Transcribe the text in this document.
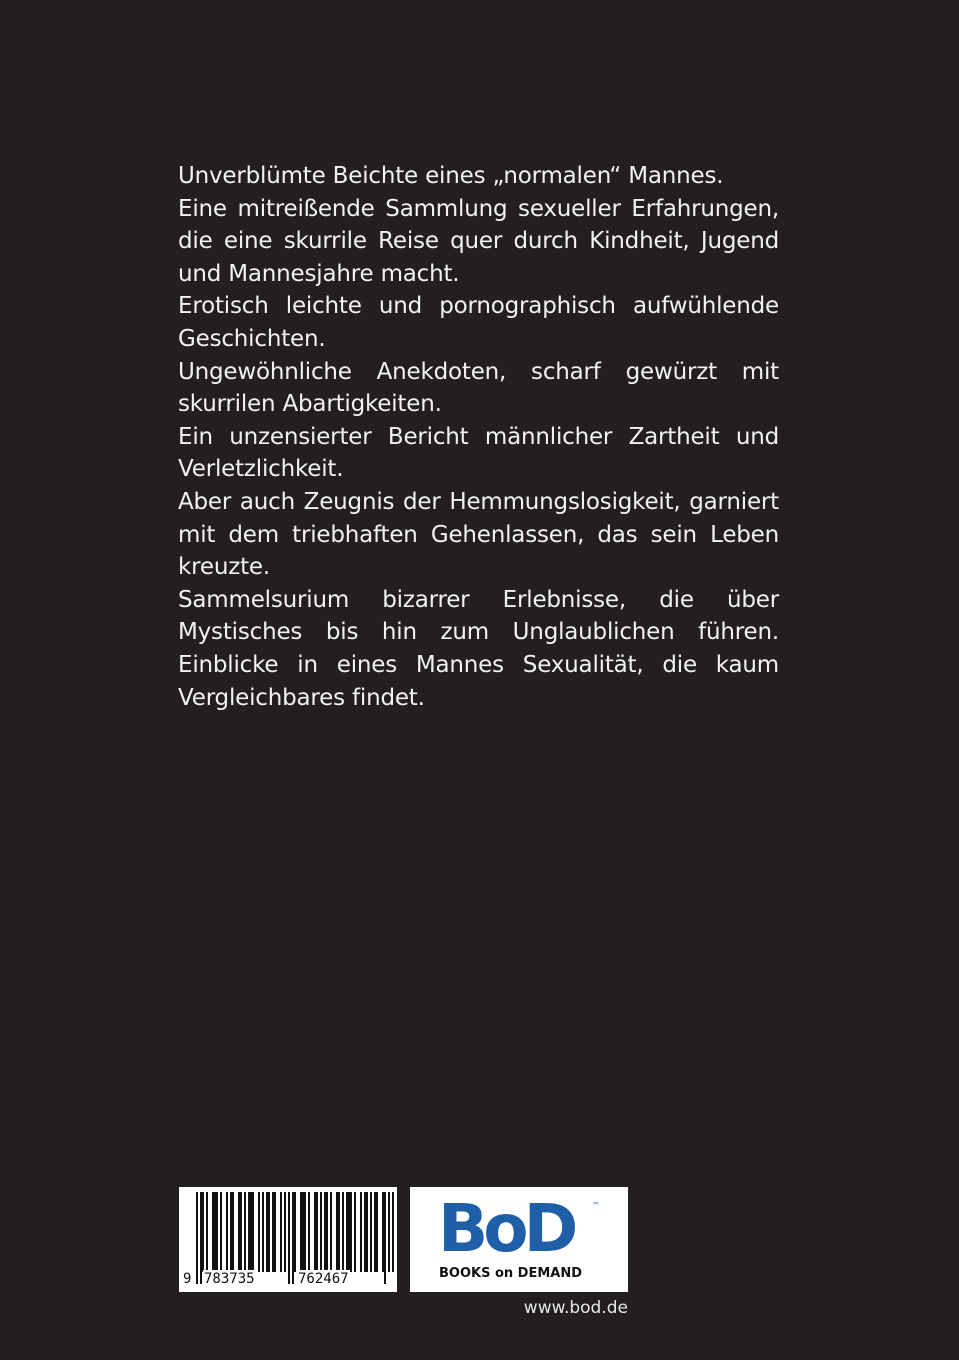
Unverblümte Beichte eines „normalen“ Mannes.

Eine mitreißende Sammlung sexueller Erfahrungen, die eine skurrile Reise quer durch Kindheit, Jugend und Mannesjahre macht.

Erotisch leichte und pornographisch aufwühlende Geschichten.

Ungewöhnliche Anekdoten, scharf gewürzt mit skurrilen Abartigkeiten.

Ein unzensierter Bericht männlicher Zartheit und Verletzlichkeit.

Aber auch Zeugnis der Hemmungslosigkeit, garniert mit dem triebhaften Gehenlassen, das sein Leben kreuzte.

Sammelsurium bizarrer Erlebnisse, die über Mystisches bis hin zum Unglaublichen führen. Einblicke in eines Mannes Sexualität, die kaum Vergleichbares findet.

9 783735	762467
BoD ™
BOOKS on DEMAND
www.bod.de
